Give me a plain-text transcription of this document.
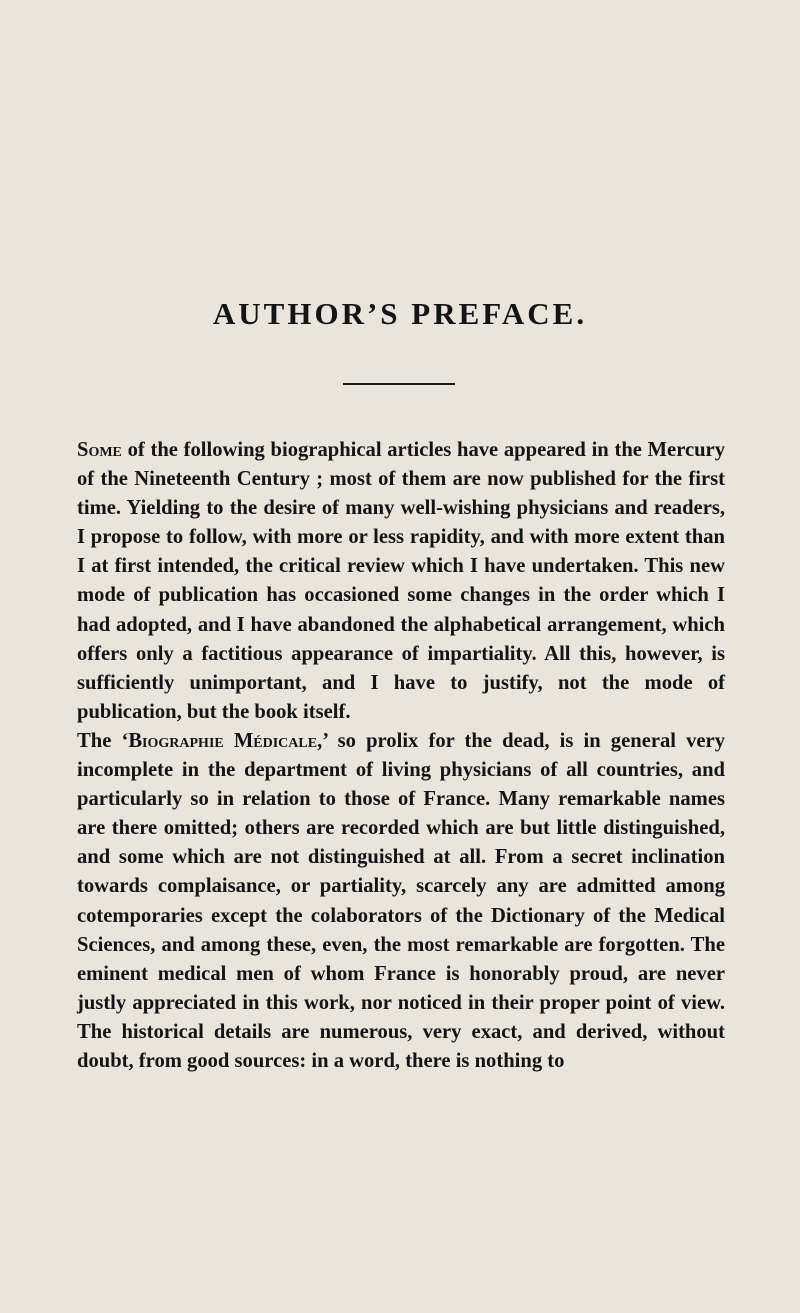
AUTHOR’S PREFACE.

Some of the following biographical articles have appeared in the Mercury of the Nineteenth Century ; most of them are now published for the first time. Yielding to the desire of many well-wishing physicians and readers, I propose to follow, with more or less rapidity, and with more extent than I at first intended, the critical review which I have undertaken. This new mode of publication has occasioned some changes in the order which I had adopted, and I have abandoned the alphabetical arrangement, which offers only a factitious appearance of impartiality. All this, however, is sufficiently unimportant, and I have to justify, not the mode of publication, but the book itself.

The ‘Biographie Médicale,’ so prolix for the dead, is in general very incomplete in the department of living physicians of all countries, and particularly so in relation to those of France. Many remarkable names are there omitted; others are recorded which are but little distinguished, and some which are not distinguished at all. From a secret inclination towards complaisance, or partiality, scarcely any are admitted among cotemporaries except the colaborators of the Dictionary of the Medical Sciences, and among these, even, the most remarkable are forgotten. The eminent medical men of whom France is honorably proud, are never justly appreciated in this work, nor noticed in their proper point of view. The historical details are numerous, very exact, and derived, without doubt, from good sources: in a word, there is nothing to
